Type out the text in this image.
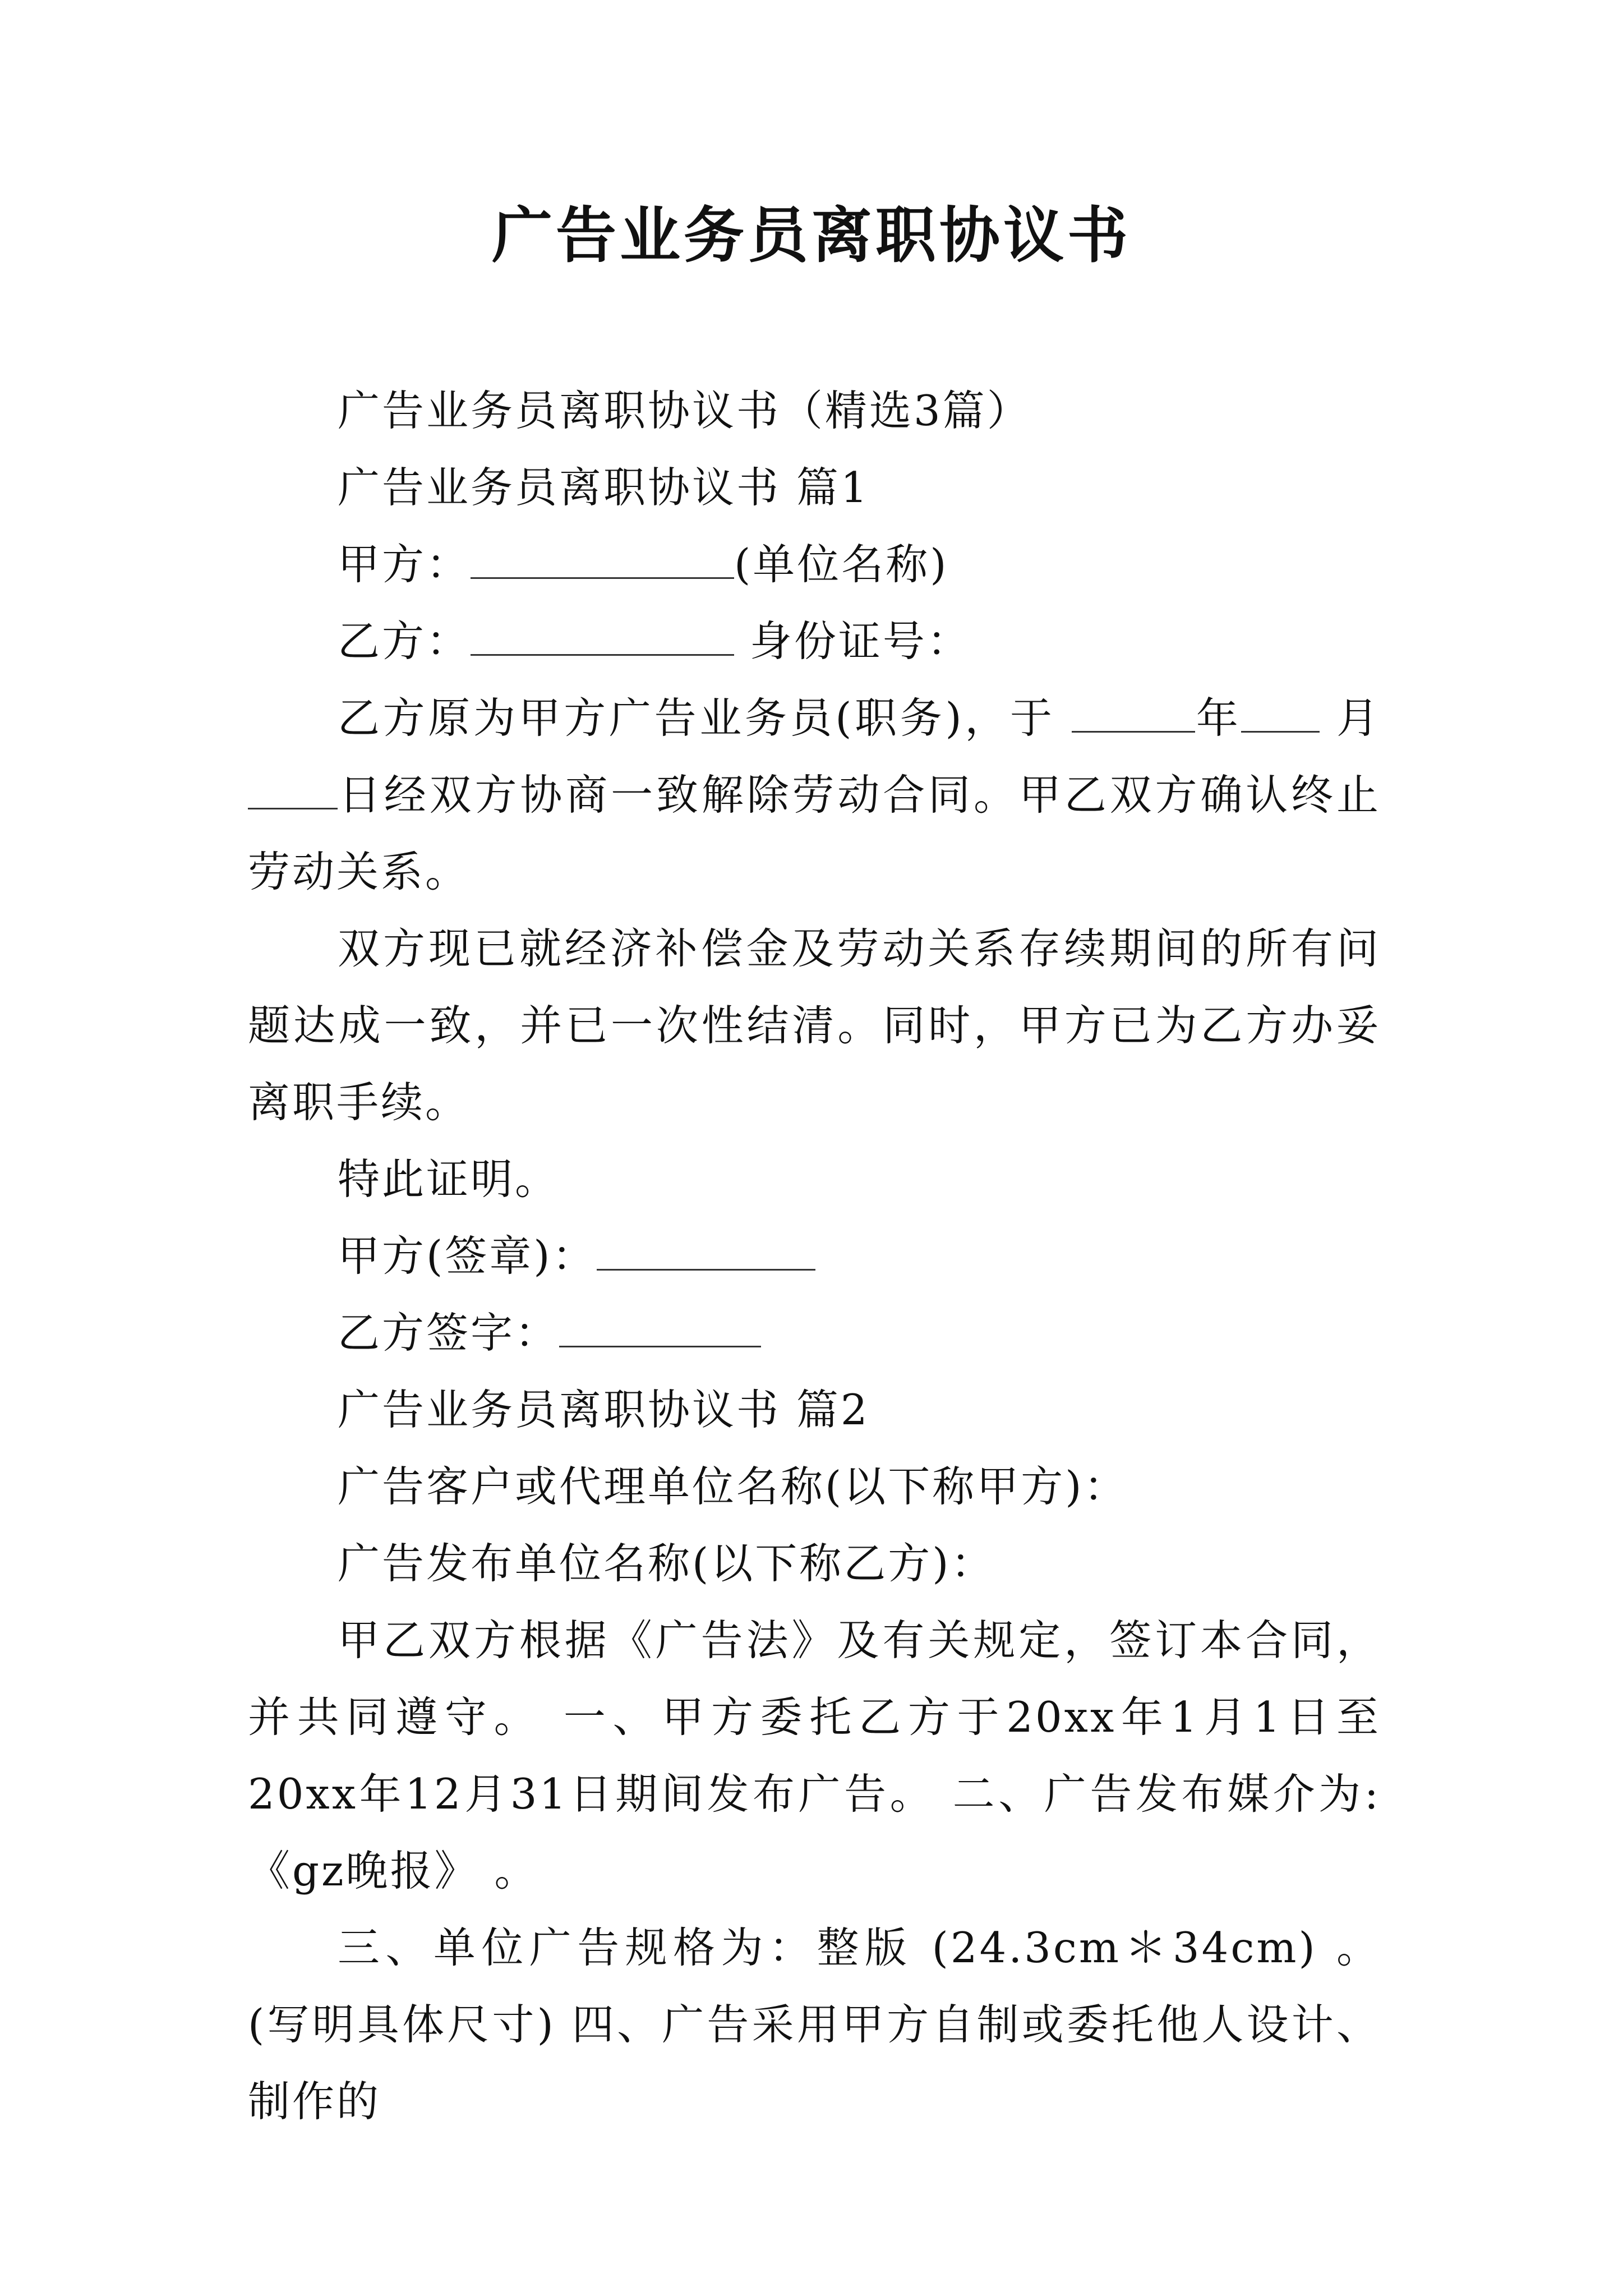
广告业务员离职协议书

广告业务员离职协议书（精选3篇）

广告业务员离职协议书 篇1

甲方：	(单位名称)

乙方：	身份证号：

乙方原为甲方广告业务员(职务)，于	年 月 日经双方协商一致解除劳动合同。甲乙双方确认终止劳动关系。

双方现已就经济补偿金及劳动关系存续期间的所有问题达成一致，并已一次性结清。同时，甲方已为乙方办妥离职手续。

特此证明。

甲方(签章)：

乙方签字：

广告业务员离职协议书 篇2

广告客户或代理单位名称(以下称甲方)：

广告发布单位名称(以下称乙方)：

甲乙双方根据《广告法》及有关规定，签订本合同，并共同遵守。 一、甲方委托乙方于20xx年1月1日至20xx年12月31日期间发布广告。 二、广告发布媒介为:《gz晚报》 。

三、单位广告规格为：整版 (24.3cm＊34cm) 。(写明具体尺寸) 四、广告采用甲方自制或委托他人设计、制作的
